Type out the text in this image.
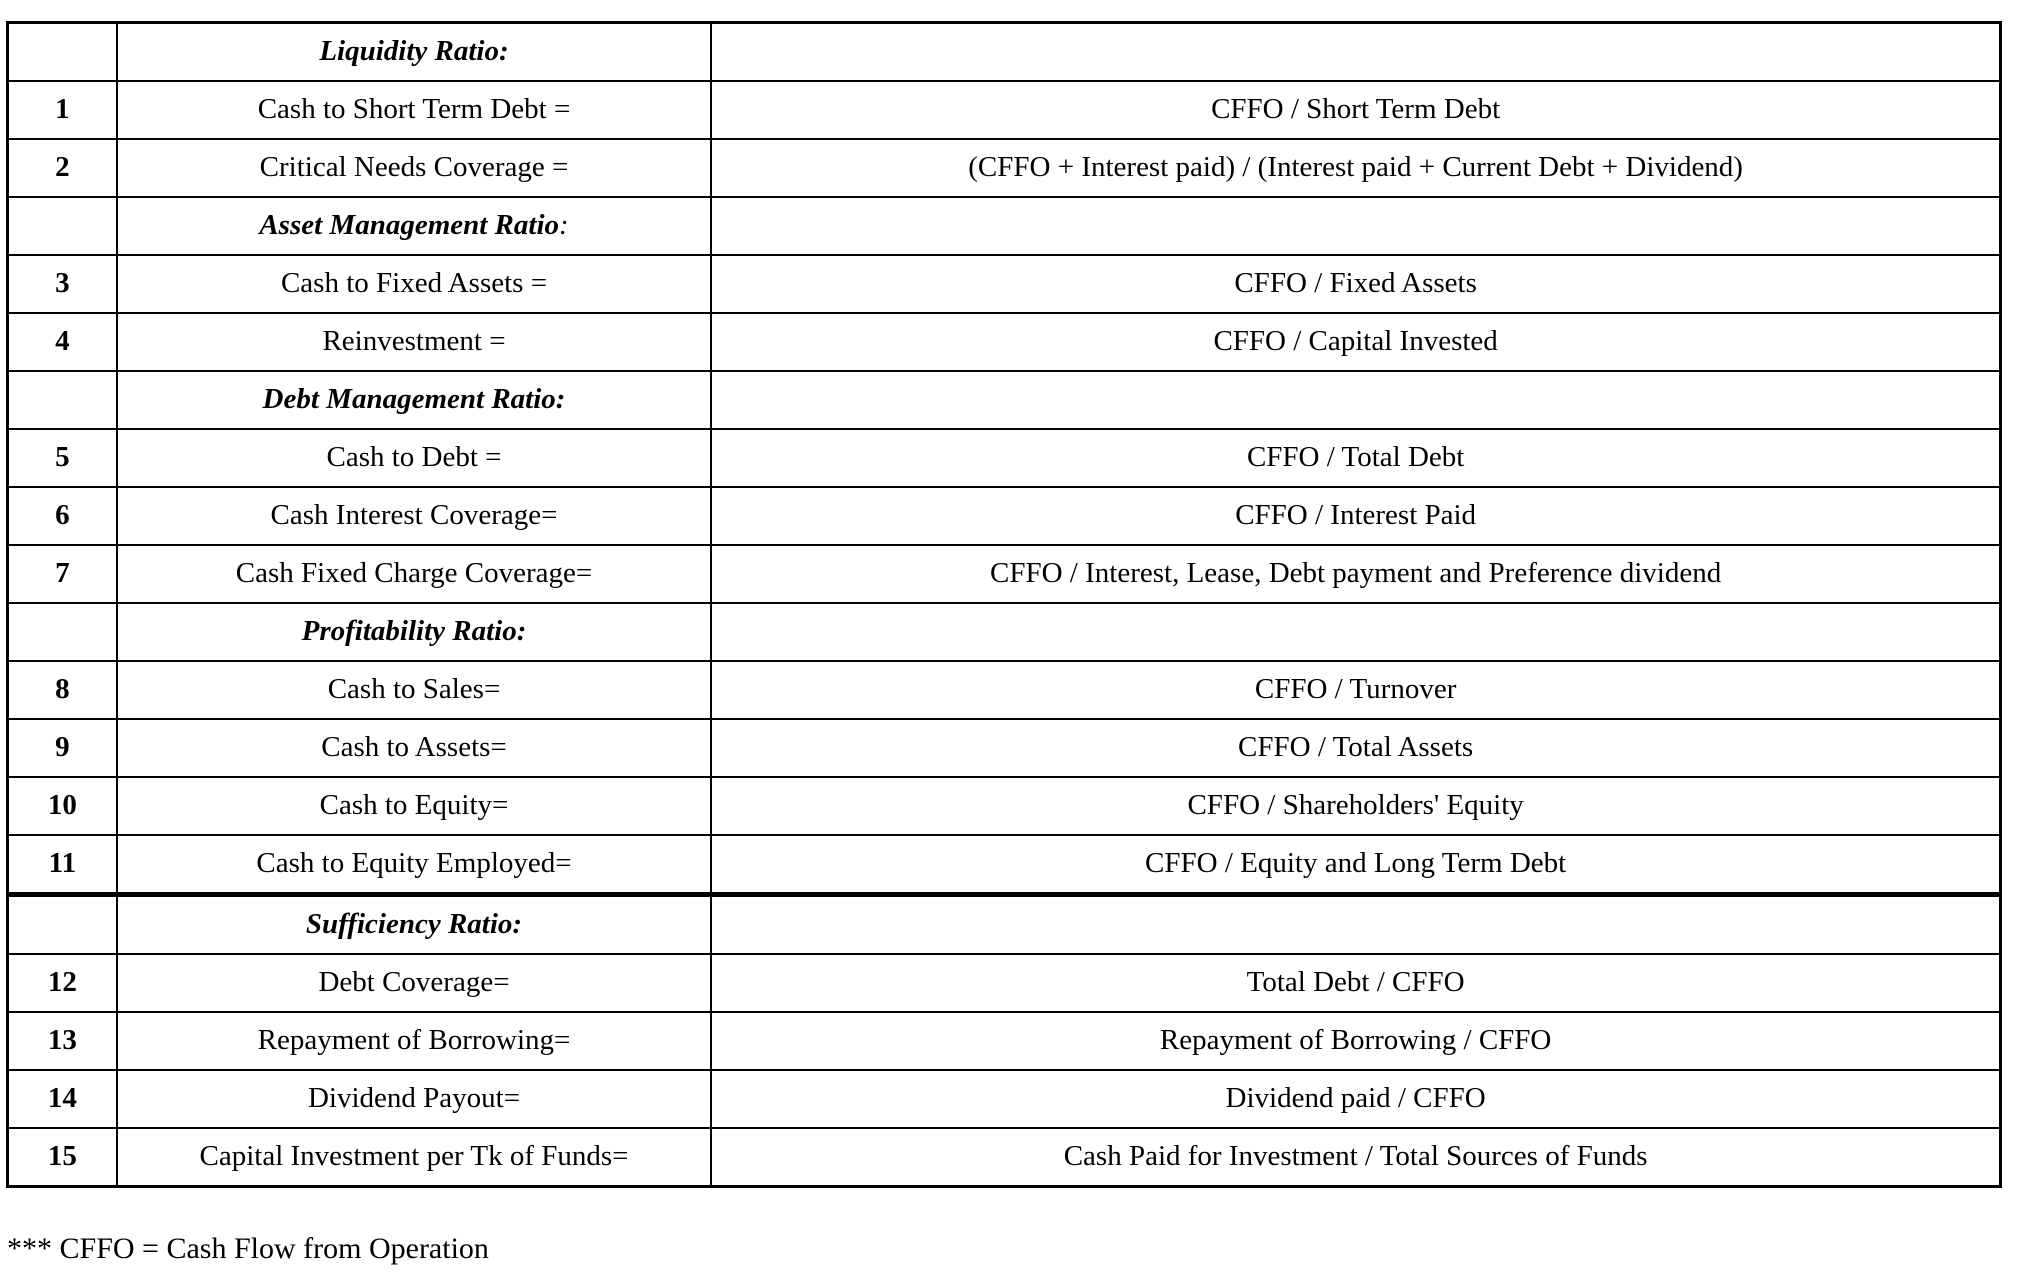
	Liquidity Ratio:	
1	Cash to Short Term Debt =	CFFO / Short Term Debt
2	Critical Needs Coverage =	(CFFO + Interest paid) / (Interest paid + Current Debt + Dividend)
	Asset Management Ratio:	
3	Cash to Fixed Assets =	CFFO / Fixed Assets
4	Reinvestment =	CFFO / Capital Invested
	Debt Management Ratio:	
5	Cash to Debt =	CFFO / Total Debt
6	Cash Interest Coverage=	CFFO / Interest Paid
7	Cash Fixed Charge Coverage=	CFFO / Interest, Lease, Debt payment and Preference dividend
	Profitability Ratio:	
8	Cash to Sales=	CFFO / Turnover
9	Cash to Assets=	CFFO / Total Assets
10	Cash to Equity=	CFFO / Shareholders' Equity
11	Cash to Equity Employed=	CFFO / Equity and Long Term Debt
	Sufficiency Ratio:	
12	Debt Coverage=	Total Debt / CFFO
13	Repayment of Borrowing=	Repayment of Borrowing / CFFO
14	Dividend Payout=	Dividend paid / CFFO
15	Capital Investment per Tk of Funds=	Cash Paid for Investment / Total Sources of Funds
*** CFFO = Cash Flow from Operation
